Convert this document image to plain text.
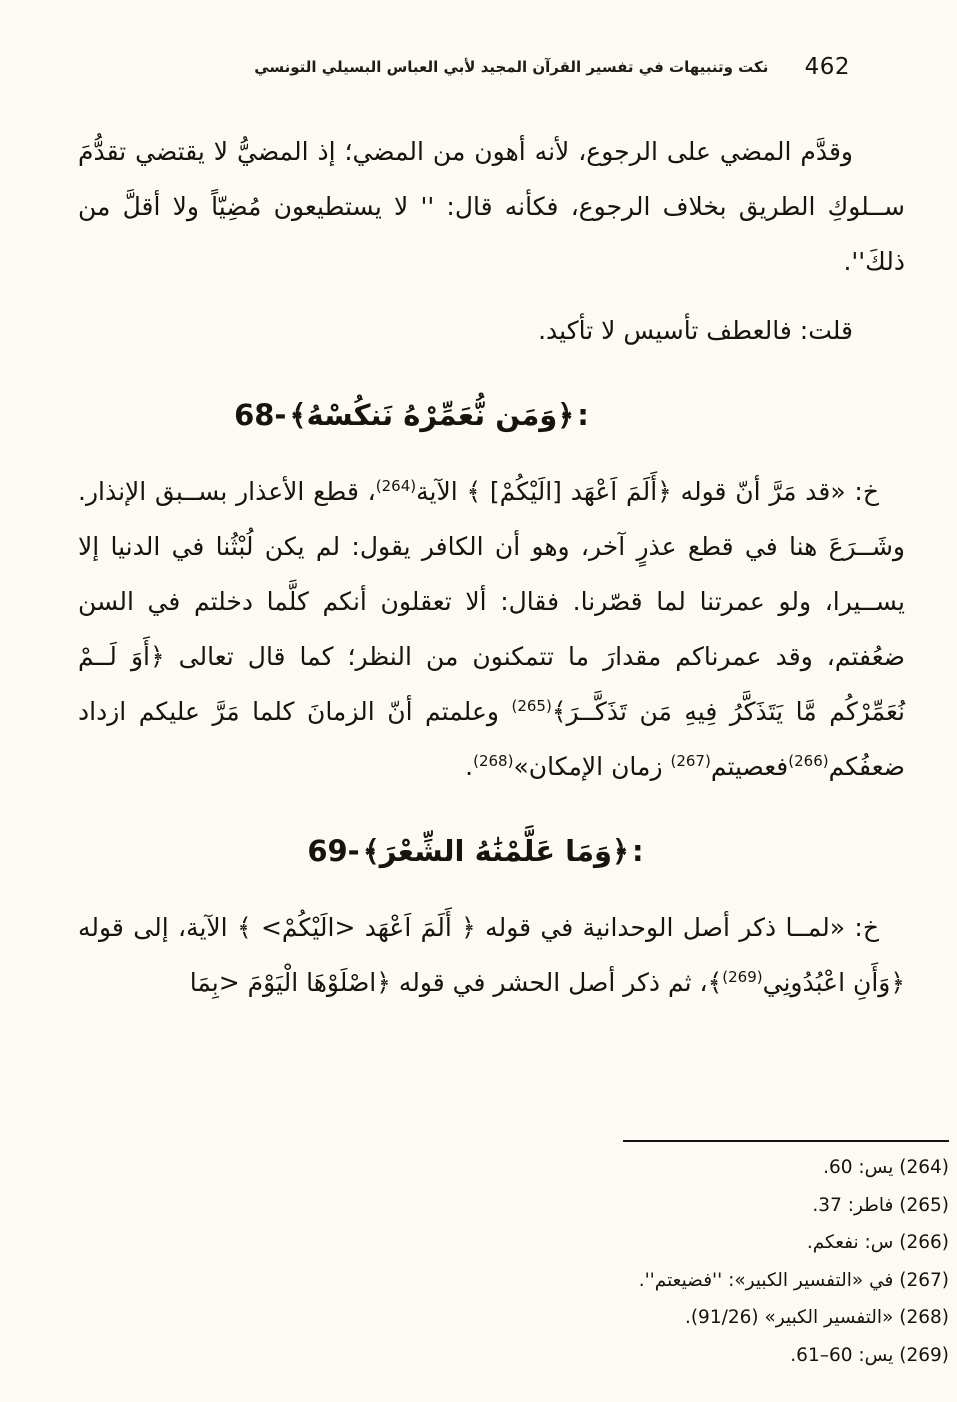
462
نكت وتنبيهات في تفسير القرآن المجيد لأبي العباس البسيلي التونسي

وقدَّم المضي على الرجوع، لأنه أهون من المضي؛ إذ المضيُّ لا يقتضي تقدُّمَ ســلوكِ الطريق بخلاف الرجوع، فكأنه قال: '' لا يستطيعون مُضِيّاً ولا أقلَّ من ذلكَ''.

قلت: فالعطف تأسيس لا تأكيد.

68- ﴿وَمَن نُّعَمِّرْهُ نَنكُسْهُ﴾ :

خ: «قد مَرَّ أنّ قوله ﴿أَلَمَ اَعْهَد [الَيْكُمْ] ﴾ الآية$^{(264)}$، قطع الأعذار بســبق الإنذار. وشَــرَعَ هنا في قطع عذرٍ آخر، وهو أن الكافر يقول: لم يكن لُبْثُنا في الدنيا إلا يســيرا، ولو عمرتنا لما قصّرنا. فقال: ألا تعقلون أنكم كلَّما دخلتم في السن ضعُفتم، وقد عمرناكم مقدارَ ما تتمكنون من النظر؛ كما قال تعالى ﴿أَوَ لَــمْ نُعَمِّرْكُم مَّا يَتَذَكَّرُ فِيهِ مَن تَذَكَّــرَ﴾$^{(265)}$ وعلمتم أنّ الزمانَ كلما مَرَّ عليكم ازداد ضعفُكم$^{(266)}$فعصيتم$^{(267)}$ زمان الإمكان»$^{(268)}$.

69- ﴿وَمَا عَلَّمْنَٰهُ الشِّعْرَ﴾ :

خ: «لمــا ذكر أصل الوحدانية في قوله ﴿ أَلَمَ اَعْهَد <الَيْكُمْ> ﴾ الآية، إلى قوله ﴿وَأَنِ اعْبُدُونِي$^{(269)}$﴾، ثم ذكر أصل الحشر في قوله ﴿اصْلَوْهَا الْيَوْمَ <بِمَا

(264) يس: 60.
(265) فاطر: 37.
(266) س: نفعكم.
(267) في «التفسير الكبير»: ''فضيعتم''.
(268) «التفسير الكبير» (91/26).
(269) يس: 60–61.
